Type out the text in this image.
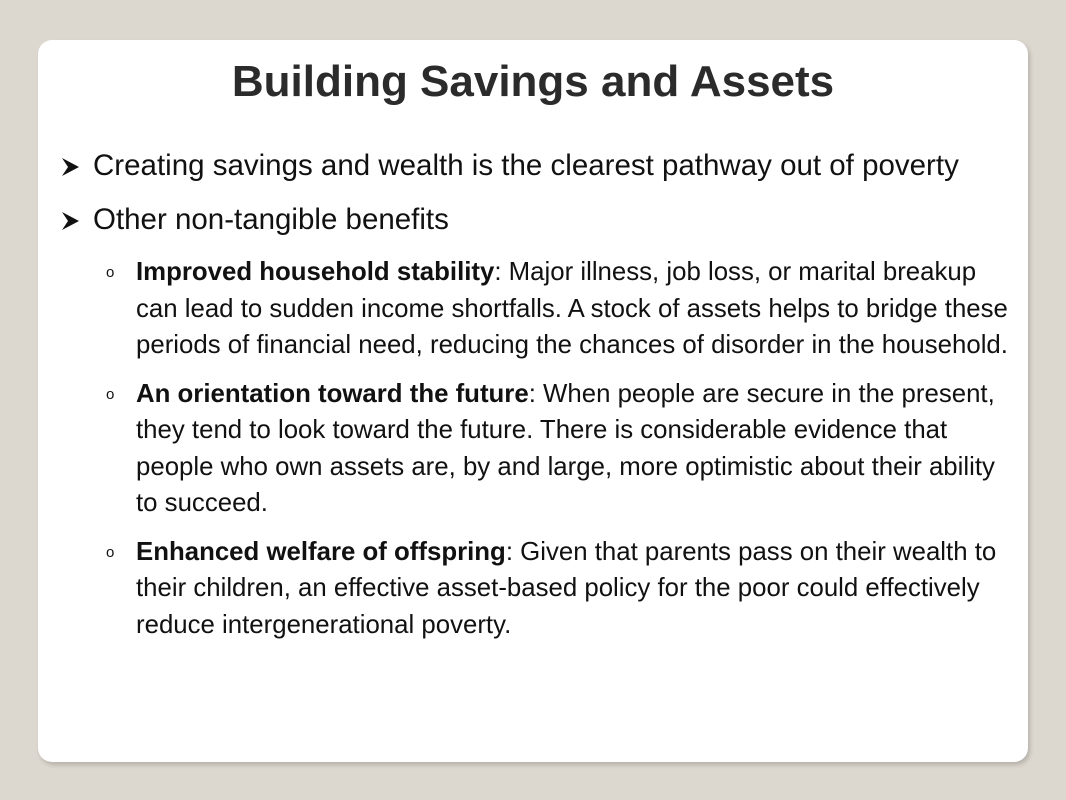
Building Savings and Assets
Creating savings and wealth is the clearest pathway out of poverty
Other non-tangible benefits
o Improved household stability: Major illness, job loss, or marital breakup can lead to sudden income shortfalls. A stock of assets helps to bridge these periods of financial need, reducing the chances of disorder in the household.
o An orientation toward the future: When people are secure in the present, they tend to look toward the future. There is considerable evidence that people who own assets are, by and large, more optimistic about their ability to succeed.
o Enhanced welfare of offspring: Given that parents pass on their wealth to their children, an effective asset-based policy for the poor could effectively reduce intergenerational poverty.
